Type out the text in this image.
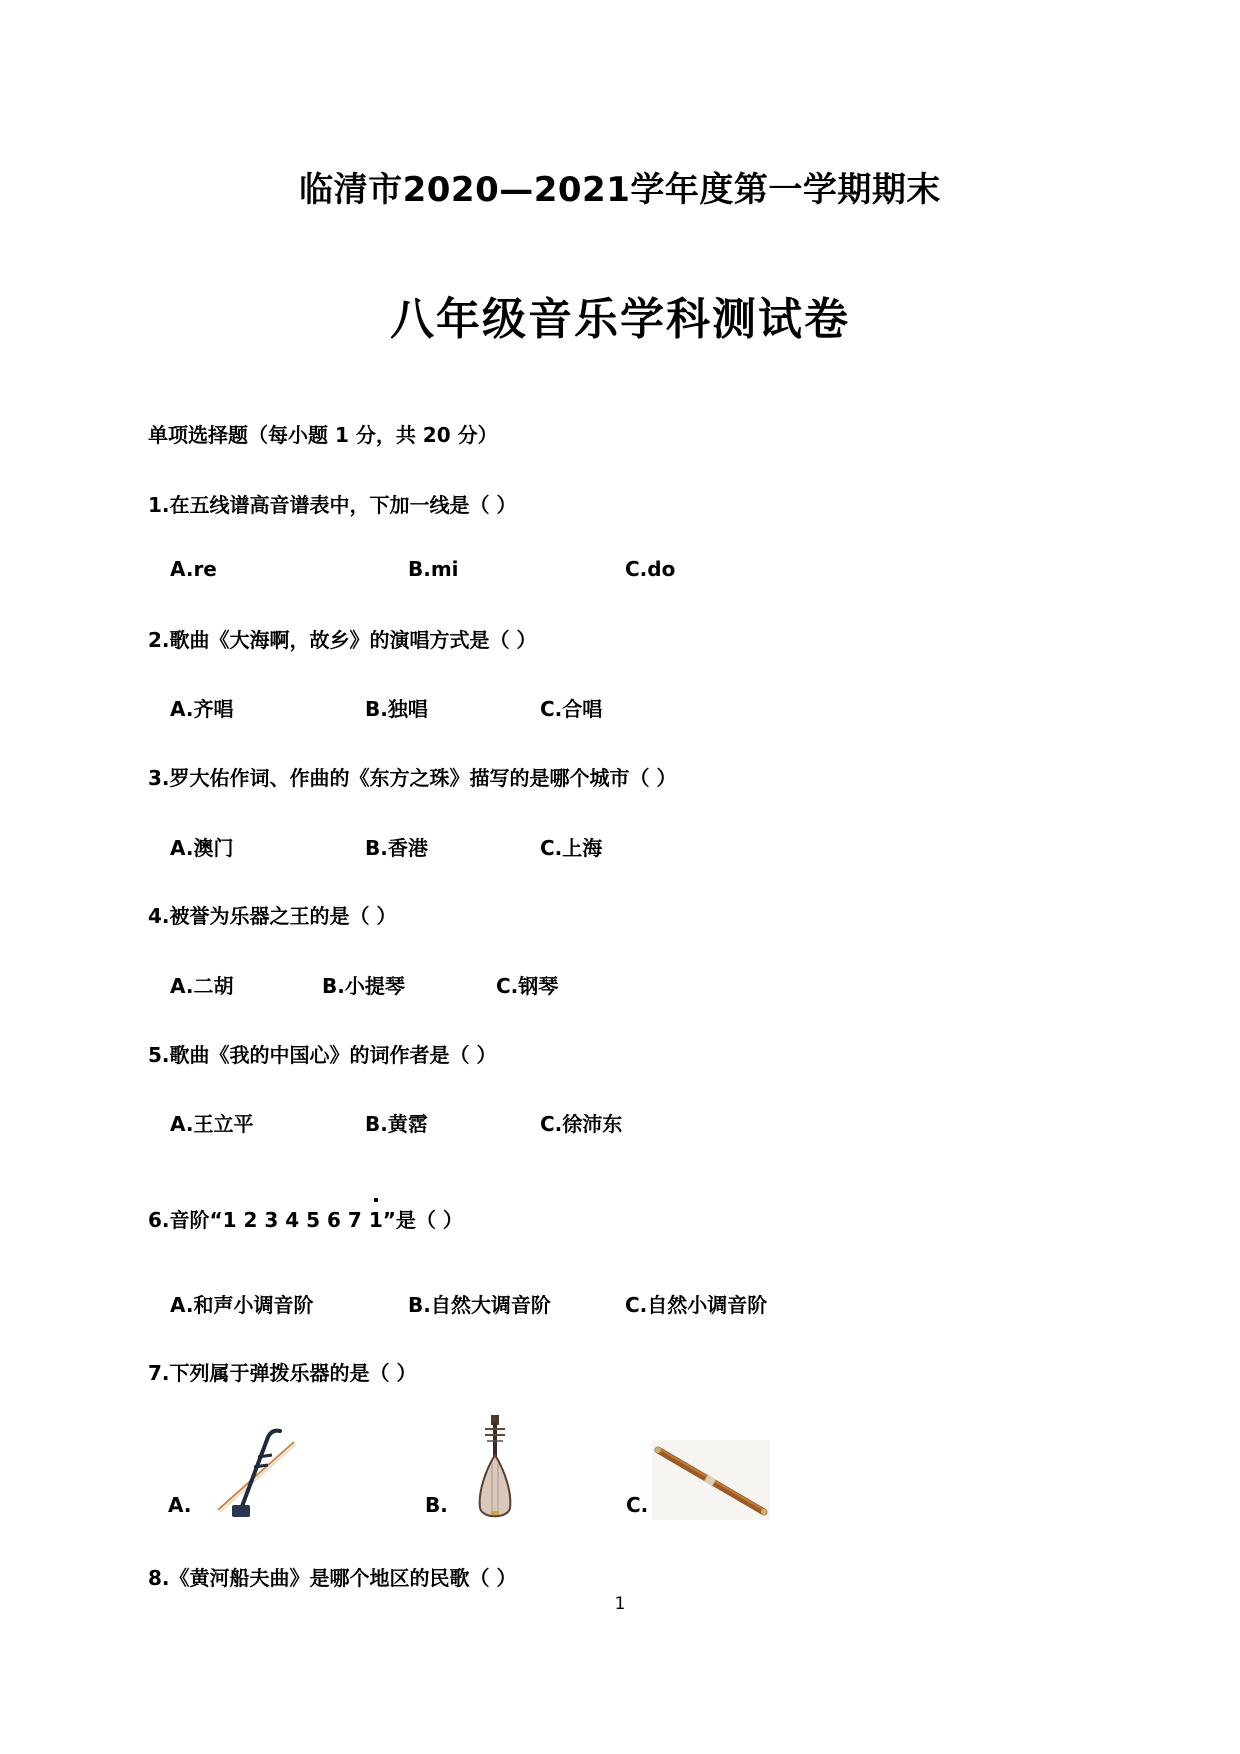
临清市2020—2021学年度第一学期期末
八年级音乐学科测试卷
单项选择题（每小题 1 分，共 20 分）
1.在五线谱高音谱表中，下加一线是（ ）
A.re	B.mi	C.do
2.歌曲《大海啊，故乡》的演唱方式是（ ）
A.齐唱	B.独唱	C.合唱
3.罗大佑作词、作曲的《东方之珠》描写的是哪个城市（ ）
A.澳门	B.香港	C.上海
4.被誉为乐器之王的是（ ）
A.二胡	B.小提琴	C.钢琴
5.歌曲《我的中国心》的词作者是（ ）
A.王立平	B.黄霑	C.徐沛东
6.音阶“1 2 3 4 5 6 7 1”是（ ）
A.和声小调音阶	B.自然大调音阶	C.自然小调音阶
7.下列属于弹拨乐器的是（ ）
A.	B.	C.
8.《黄河船夫曲》是哪个地区的民歌（ ）
1
